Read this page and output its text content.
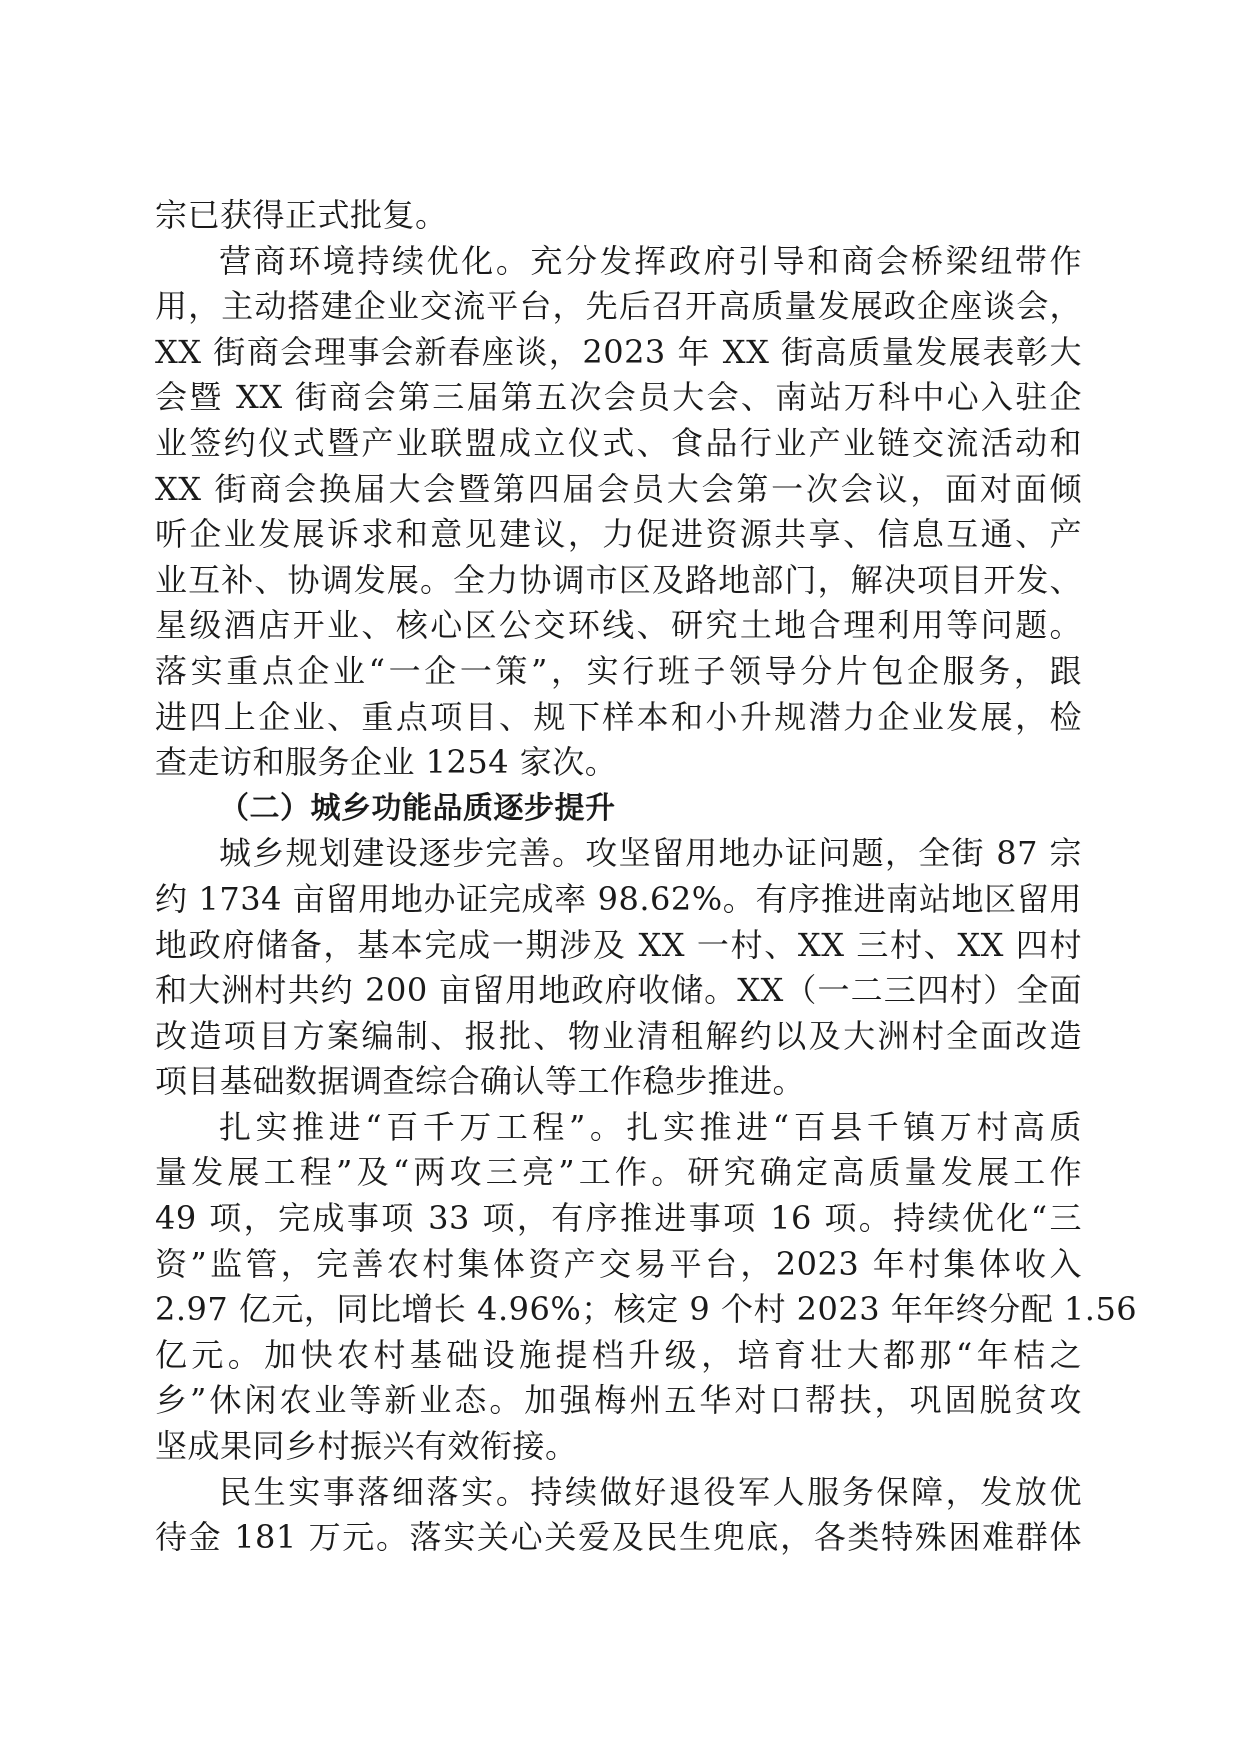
宗已获得正式批复。
营商环境持续优化。充分发挥政府引导和商会桥梁纽带作
用，主动搭建企业交流平台，先后召开高质量发展政企座谈会，
XX 街商会理事会新春座谈，2023 年 XX 街高质量发展表彰大
会暨 XX 街商会第三届第五次会员大会、南站万科中心入驻企
业签约仪式暨产业联盟成立仪式、食品行业产业链交流活动和
XX 街商会换届大会暨第四届会员大会第一次会议，面对面倾
听企业发展诉求和意见建议，力促进资源共享、信息互通、产
业互补、协调发展。全力协调市区及路地部门，解决项目开发、
星级酒店开业、核心区公交环线、研究土地合理利用等问题。
落实重点企业“一企一策”，实行班子领导分片包企服务，跟
进四上企业、重点项目、规下样本和小升规潜力企业发展，检
查走访和服务企业 1254 家次。
（二）城乡功能品质逐步提升
城乡规划建设逐步完善。攻坚留用地办证问题，全街 87 宗
约 1734 亩留用地办证完成率 98.62%。有序推进南站地区留用
地政府储备，基本完成一期涉及 XX 一村、XX 三村、XX 四村
和大洲村共约 200 亩留用地政府收储。XX（一二三四村）全面
改造项目方案编制、报批、物业清租解约以及大洲村全面改造
项目基础数据调查综合确认等工作稳步推进。
扎实推进“百千万工程”。扎实推进“百县千镇万村高质
量发展工程”及“两攻三亮”工作。研究确定高质量发展工作
49 项，完成事项 33 项，有序推进事项 16 项。持续优化“三
资”监管，完善农村集体资产交易平台，2023 年村集体收入
2.97 亿元，同比增长 4.96%；核定 9 个村 2023 年年终分配 1.56
亿元。加快农村基础设施提档升级，培育壮大都那“年桔之
乡”休闲农业等新业态。加强梅州五华对口帮扶，巩固脱贫攻
坚成果同乡村振兴有效衔接。
民生实事落细落实。持续做好退役军人服务保障，发放优
待金 181 万元。落实关心关爱及民生兜底，各类特殊困难群体
